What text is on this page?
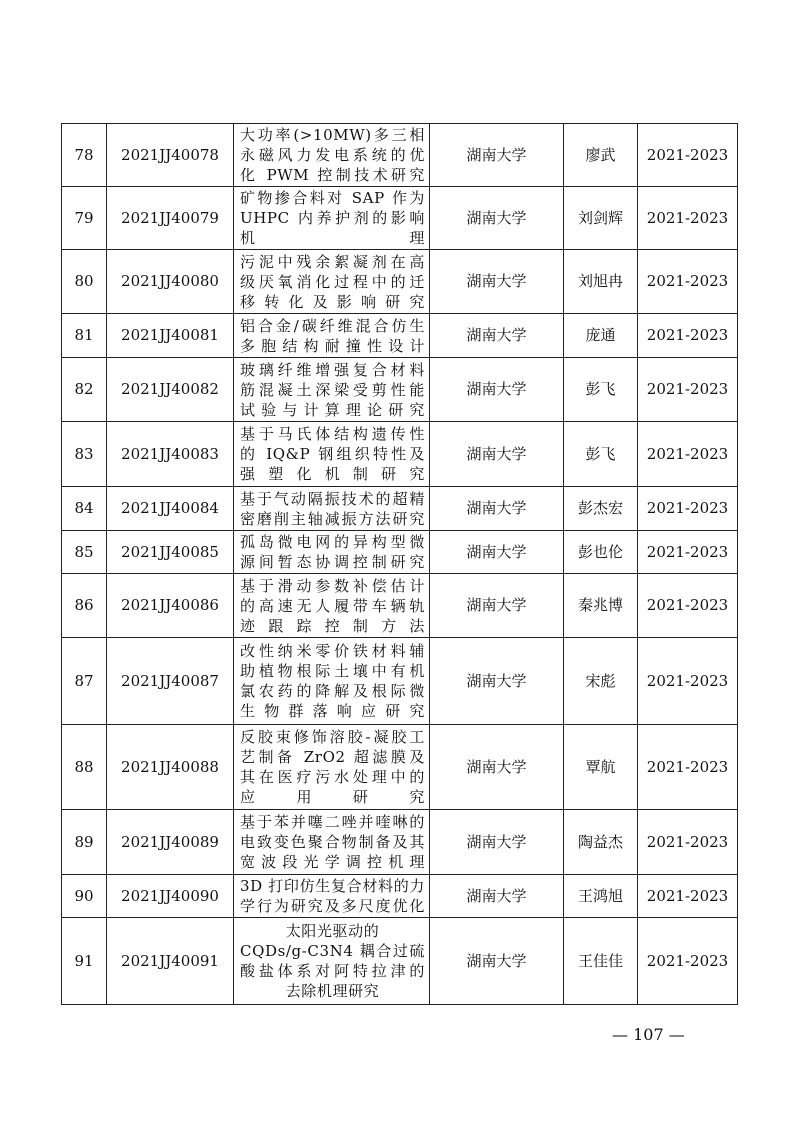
78	2021JJ40078	大功率(>10MW)多三相
永磁风力发电系统的优
化 PWM 控制技术研究	湖南大学	廖武	2021-2023
79	2021JJ40079	矿物掺合料对 SAP 作为
UHPC 内养护剂的影响
机理	湖南大学	刘剑辉	2021-2023
80	2021JJ40080	污泥中残余絮凝剂在高
级厌氧消化过程中的迁
移转化及影响研究	湖南大学	刘旭冉	2021-2023
81	2021JJ40081	铝合金/碳纤维混合仿生
多胞结构耐撞性设计	湖南大学	庞通	2021-2023
82	2021JJ40082	玻璃纤维增强复合材料
筋混凝土深梁受剪性能
试验与计算理论研究	湖南大学	彭飞	2021-2023
83	2021JJ40083	基于马氏体结构遗传性
的 IQ&P 钢组织特性及
强塑化机制研究	湖南大学	彭飞	2021-2023
84	2021JJ40084	基于气动隔振技术的超精
密磨削主轴减振方法研究	湖南大学	彭杰宏	2021-2023
85	2021JJ40085	孤岛微电网的异构型微
源间暂态协调控制研究	湖南大学	彭也伦	2021-2023
86	2021JJ40086	基于滑动参数补偿估计
的高速无人履带车辆轨
迹跟踪控制方法	湖南大学	秦兆博	2021-2023
87	2021JJ40087	改性纳米零价铁材料辅
助植物根际土壤中有机
氯农药的降解及根际微
生物群落响应研究	湖南大学	宋彪	2021-2023
88	2021JJ40088	反胶束修饰溶胶-凝胶工
艺制备 ZrO2 超滤膜及
其在医疗污水处理中的
应用研究	湖南大学	覃航	2021-2023
89	2021JJ40089	基于苯并噻二唑并喹啉的
电致变色聚合物制备及其
宽波段光学调控机理	湖南大学	陶益杰	2021-2023
90	2021JJ40090	3D 打印仿生复合材料的力
学行为研究及多尺度优化	湖南大学	王鸿旭	2021-2023
91	2021JJ40091	太阳光驱动的
CQDs/g-C3N4 耦合过硫
酸盐体系对阿特拉津的
去除机理研究	湖南大学	王佳佳	2021-2023
— 107 —
